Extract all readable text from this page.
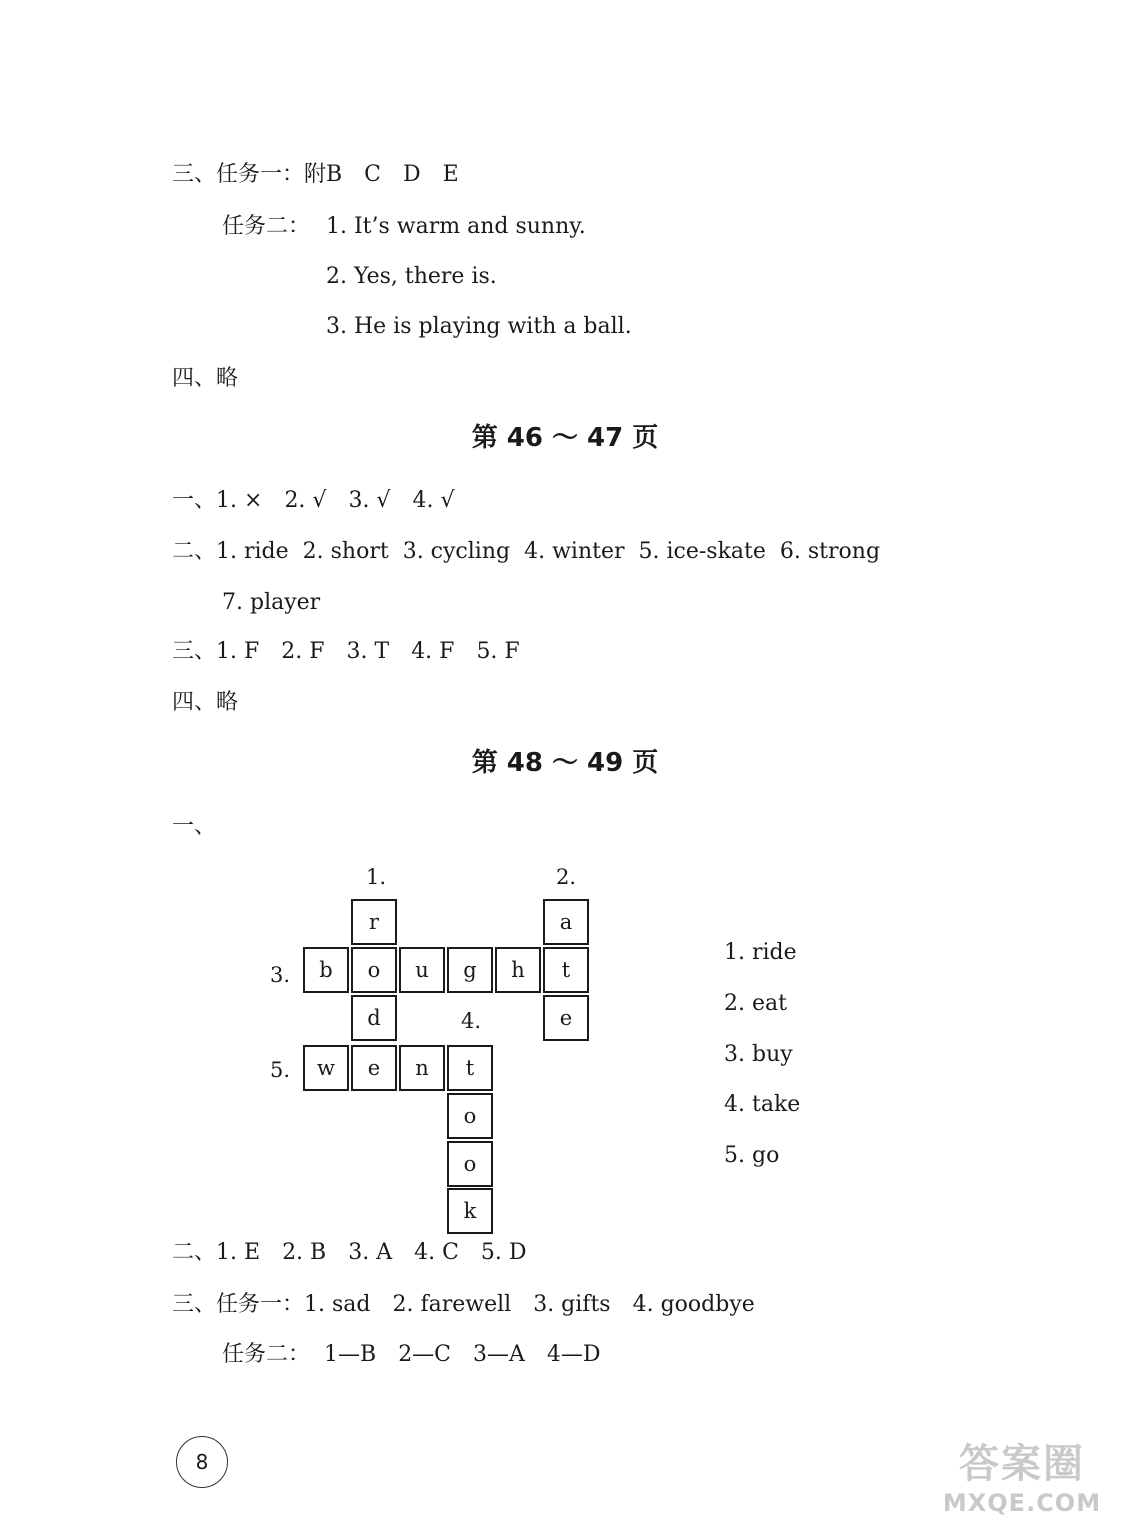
三、任务一：附B　C　D　E
任务二： 1. It’s warm and sunny.
2. Yes, there is.
3. He is playing with a ball.
四、略
第 46 ～ 47 页
一、1. × 2. √ 3. √ 4. √
二、1. ride 2. short 3. cycling 4. winter 5. ice-skate 6. strong
7. player
三、1. F 2. F 3. T 4. F 5. F
四、略
第 48 ～ 49 页
一、
1.	2.
3.
4.
5.
r
d
a
e
b	o	u	g	h	t
w	e	n	t
o
o
k
1. ride
2. eat
3. buy
4. take
5. go
二、1. E 2. B 3. A 4. C 5. D
三、任务一：1. sad 2. farewell 3. gifts 4. goodbye
任务二： 1—B 2—C 3—A 4—D
8	答案圈
MXQE.COM
